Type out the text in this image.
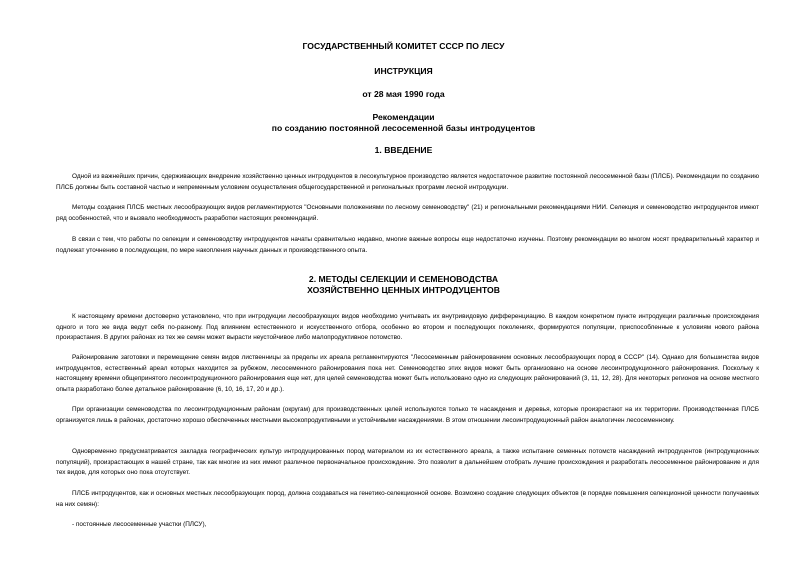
ГОСУДАРСТВЕННЫЙ КОМИТЕТ СССР ПО ЛЕСУ
ИНСТРУКЦИЯ
от 28 мая 1990 года
Рекомендации
по созданию постоянной лесосеменной базы интродуцентов
1. ВВЕДЕНИЕ

Одной из важнейших причин, сдерживающих внедрение хозяйственно ценных интродуцентов в лесокультурное производство является недостаточное развитие постоянной лесосеменной базы (ПЛСБ). Рекомендации по созданию ПЛСБ должны быть составной частью и непременным условием осуществления общегосударственной и региональных программ лесной интродукции.

Методы создания ПЛСБ местных лесообразующих видов регламентируются "Основными положениями по лесному семеноводству" (21) и региональными рекомендациями НИИ. Селекция и семеноводство интродуцентов имеют ряд особенностей, что и вызвало необходимость разработки настоящих рекомендаций.

В связи с тем, что работы по селекции и семеноводству интродуцентов начаты сравнительно недавно, многие важные вопросы еще недостаточно изучены. Поэтому рекомендации во многом носят предварительный характер и подлежат уточнению в последующем, по мере накопления научных данных и производственного опыта.

2. МЕТОДЫ СЕЛЕКЦИИ И СЕМЕНОВОДСТВА
ХОЗЯЙСТВЕННО ЦЕННЫХ ИНТРОДУЦЕНТОВ

К настоящему времени достоверно установлено, что при интродукции лесообразующих видов необходимо учитывать их внутривидовую дифференциацию. В каждом конкретном пункте интродукции различные происхождения одного и того же вида ведут себя по-разному. Под влиянием естественного и искусственного отбора, особенно во втором и последующих поколениях, формируются популяции, приспособленные к условиям нового района произрастания. В других районах из тех же семян может вырасти неустойчивое либо малопродуктивное потомство.

Районирование заготовки и перемещение семян видов лиственницы за пределы их ареала регламентируются "Лесосеменным районированием основных лесообразующих пород в СССР" (14). Однако для большинства видов интродуцентов, естественный ареал которых находится за рубежом, лесосеменного районирования пока нет. Семеноводство этих видов может быть организовано на основе лесоинтродукционного районирования. Поскольку к настоящему времени общепринятого лесоинтродукционного районирования еще нет, для целей семеноводства может быть использовано одно из следующих районирований (3, 11, 12, 28). Для некоторых регионов на основе местного опыта разработано более детальное районирование (6, 10, 16, 17, 20 и др.).

При организации семеноводства по лесоинтродукционным районам (округам) для производственных целей используются только те насаждения и деревья, которые произрастают на их территории. Производственная ПЛСБ организуется лишь в районах, достаточно хорошо обеспеченных местными высокопродуктивными и устойчивыми насаждениями. В этом отношении лесоинтродукционный район аналогичен лесосеменному.

Одновременно предусматривается закладка географических культур интродуцированных пород материалом из их естественного ареала, а также испытание семенных потомств насаждений интродуцентов (интродукционных популяций), произрастающих в нашей стране, так как многие из них имеют различное первоначальное происхождение. Это позволит в дальнейшем отобрать лучшие происхождения и разработать лесосеменное районирование и для тех видов, для которых оно пока отсутствует.

ПЛСБ интродуцентов, как и основных местных лесообразующих пород, должна создаваться на генетико-селекционной основе. Возможно создание следующих объектов (в порядке повышения селекционной ценности получаемых на них семян):

- постоянные лесосеменные участки (ПЛСУ),
